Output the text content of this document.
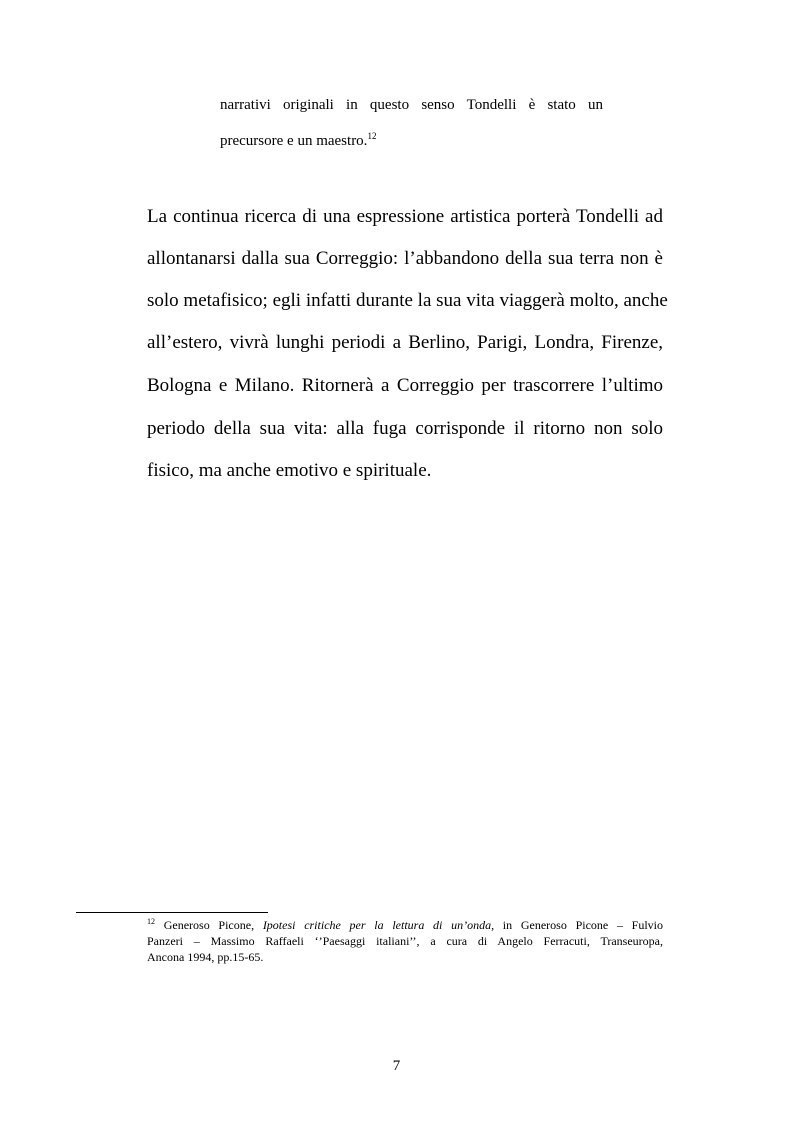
narrativi originali in questo senso Tondelli è stato un
precursore e un maestro.$^{12}$
La continua ricerca di una espressione artistica porterà Tondelli ad
allontanarsi dalla sua Correggio: l’abbandono della sua terra non è
solo metafisico; egli infatti durante la sua vita viaggerà molto, anche
all’estero, vivrà lunghi periodi a Berlino, Parigi, Londra, Firenze,
Bologna e Milano. Ritornerà a Correggio per trascorrere l’ultimo
periodo della sua vita: alla fuga corrisponde il ritorno non solo
fisico, ma anche emotivo e spirituale.
$^{12}$ Generoso Picone, Ipotesi critiche per la lettura di un’onda, in Generoso Picone – Fulvio
Panzeri – Massimo Raffaeli ‘’Paesaggi italiani’’, a cura di Angelo Ferracuti, Transeuropa,
Ancona 1994, pp.15-65.
7
